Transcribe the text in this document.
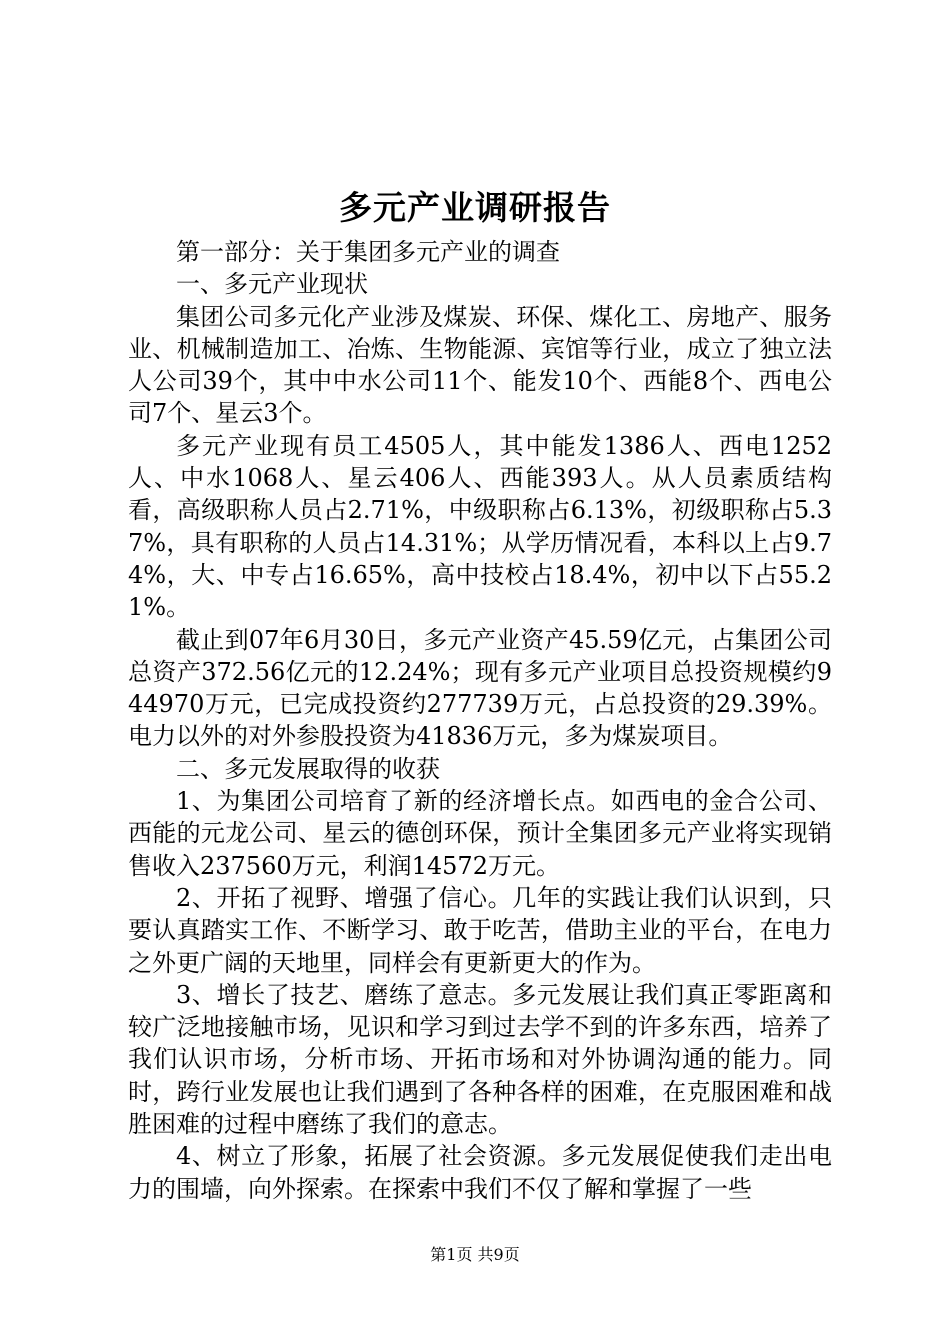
多元产业调研报告

第一部分：关于集团多元产业的调查

一、多元产业现状

集团公司多元化产业涉及煤炭、环保、煤化工、房地产、服务业、机械制造加工、冶炼、生物能源、宾馆等行业，成立了独立法人公司39个，其中中水公司11个、能发10个、西能8个、西电公司7个、星云3个。

多元产业现有员工4505人，其中能发1386人、西电1252人、中水1068人、星云406人、西能393人。从人员素质结构看，高级职称人员占2.71%，中级职称占6.13%，初级职称占5.37%，具有职称的人员占14.31%；从学历情况看，本科以上占9.74%，大、中专占16.65%，高中技校占18.4%，初中以下占55.21%。

截止到07年6月30日，多元产业资产45.59亿元，占集团公司总资产372.56亿元的12.24%；现有多元产业项目总投资规模约944970万元，已完成投资约277739万元，占总投资的29.39%。电力以外的对外参股投资为41836万元，多为煤炭项目。

二、多元发展取得的收获

1、为集团公司培育了新的经济增长点。如西电的金合公司、西能的元龙公司、星云的德创环保，预计全集团多元产业将实现销售收入237560万元，利润14572万元。

2、开拓了视野、增强了信心。几年的实践让我们认识到，只要认真踏实工作、不断学习、敢于吃苦，借助主业的平台，在电力之外更广阔的天地里，同样会有更新更大的作为。

3、增长了技艺、磨练了意志。多元发展让我们真正零距离和较广泛地接触市场，见识和学习到过去学不到的许多东西，培养了我们认识市场，分析市场、开拓市场和对外协调沟通的能力。同时，跨行业发展也让我们遇到了各种各样的困难，在克服困难和战胜困难的过程中磨练了我们的意志。

4、树立了形象，拓展了社会资源。多元发展促使我们走出电力的围墙，向外探索。在探索中我们不仅了解和掌握了一些

第1页 共9页
